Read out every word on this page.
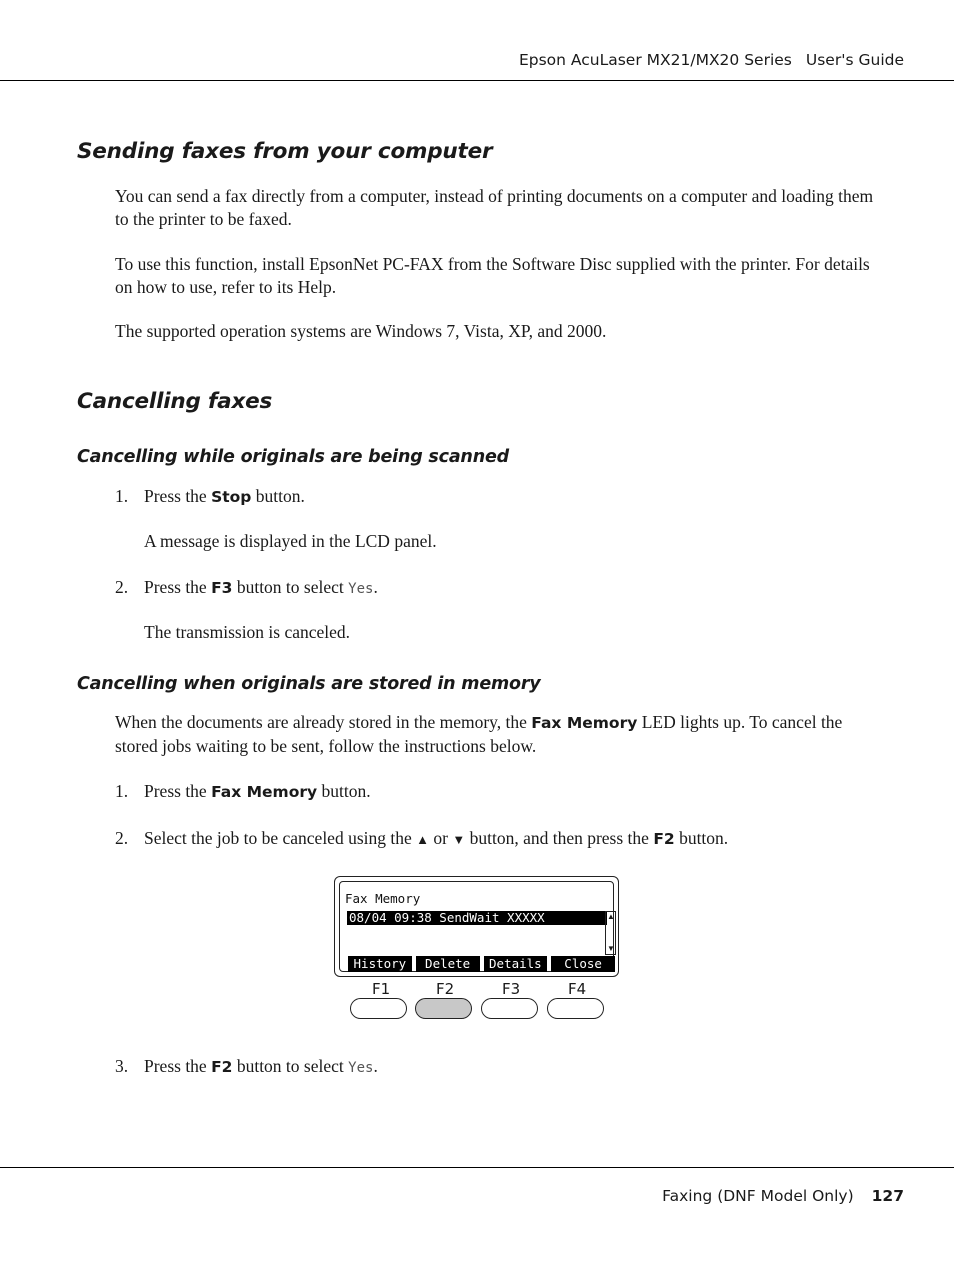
Epson AcuLaser MX21/MX20 Series User's Guide
Sending faxes from your computer

You can send a fax directly from a computer, instead of printing documents on a computer and loading them to the printer to be faxed.

To use this function, install EpsonNet PC-FAX from the Software Disc supplied with the printer. For details on how to use, refer to its Help.

The supported operation systems are Windows 7, Vista, XP, and 2000.

Cancelling faxes
Cancelling while originals are being scanned

1. Press the Stop button.

A message is displayed in the LCD panel.

2. Press the F3 button to select Yes.

The transmission is canceled.

Cancelling when originals are stored in memory

When the documents are already stored in the memory, the Fax Memory LED lights up. To cancel the stored jobs waiting to be sent, follow the instructions below.

1. Press the Fax Memory button.

2. Select the job to be canceled using the ▲ or ▼ button, and then press the F2 button.

Fax Memory
08/04 09:38 SendWait XXXXX	▲
▼
History	Delete	Details	Close
F1	F2	F3	F4

3. Press the F2 button to select Yes.

Faxing (DNF Model Only) 127
